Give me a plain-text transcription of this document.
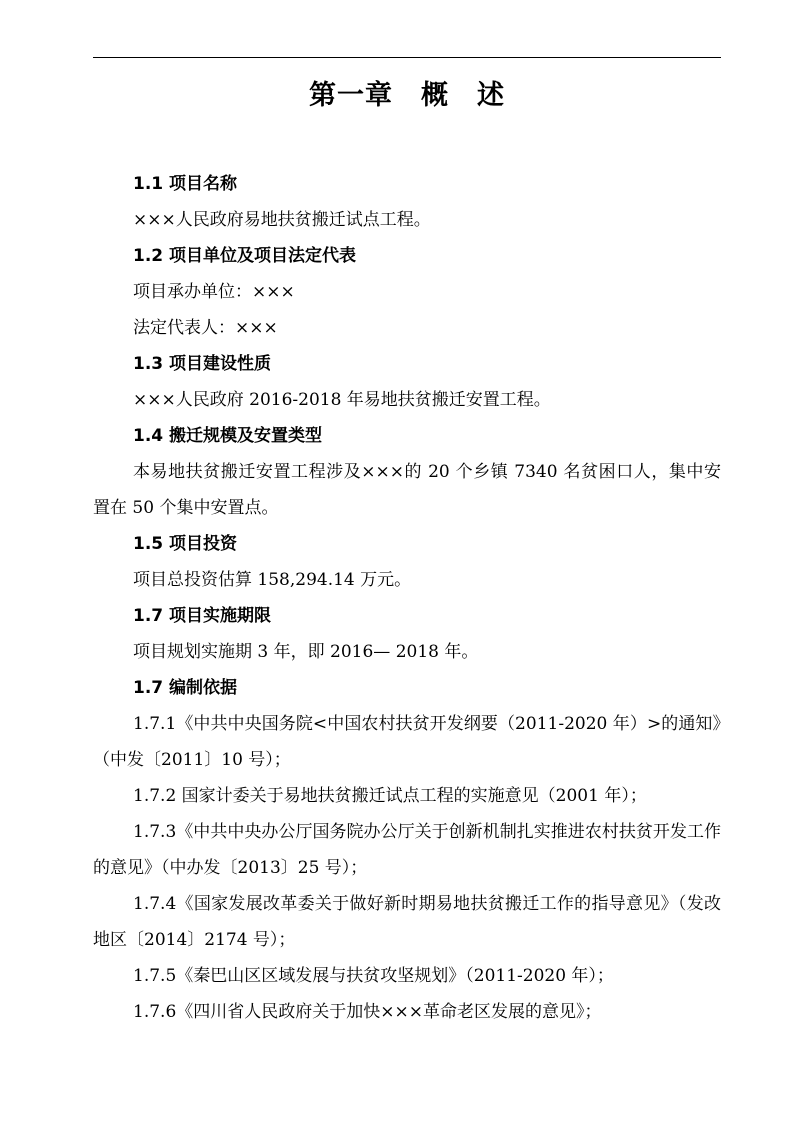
第一章　概　述
1.1 项目名称
×××人民政府易地扶贫搬迁试点工程。
1.2 项目单位及项目法定代表
项目承办单位：×××
法定代表人：×××
1.3 项目建设性质
×××人民政府 2016-2018 年易地扶贫搬迁安置工程。
1.4 搬迁规模及安置类型

本易地扶贫搬迁安置工程涉及×××的 20 个乡镇 7340 名贫困口人，集中安置在 50 个集中安置点。

1.5 项目投资
项目总投资估算 158,294.14 万元。
1.7 项目实施期限
项目规划实施期 3 年，即 2016— 2018 年。
1.7 编制依据

1.7.1《中共中央国务院<中国农村扶贫开发纲要（2011-2020 年）>的通知》（中发〔2011〕10 号）；

1.7.2 国家计委关于易地扶贫搬迁试点工程的实施意见（2001 年）；

1.7.3《中共中央办公厅国务院办公厅关于创新机制扎实推进农村扶贫开发工作的意见》（中办发〔2013〕25 号）；

1.7.4《国家发展改革委关于做好新时期易地扶贫搬迁工作的指导意见》（发改地区〔2014〕2174 号）；

1.7.5《秦巴山区区域发展与扶贫攻坚规划》（2011-2020 年）；

1.7.6《四川省人民政府关于加快×××革命老区发展的意见》；
